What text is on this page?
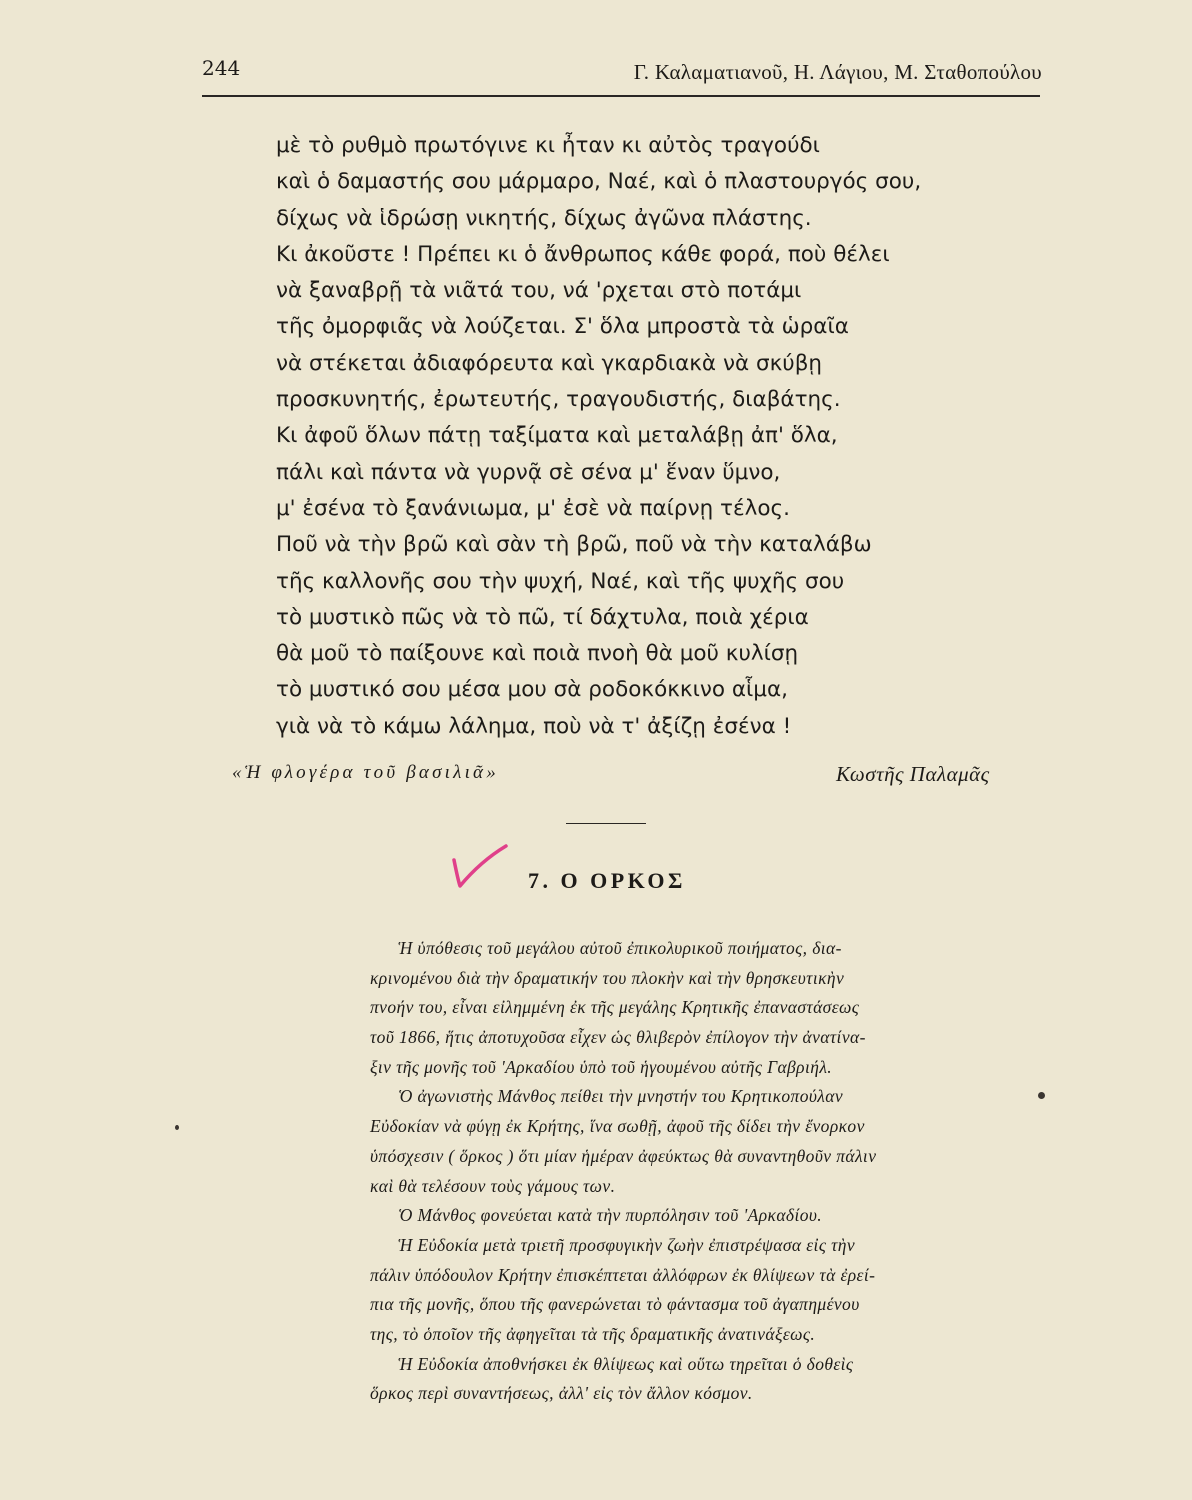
244	Γ. Καλαματιανοῦ, Η. Λάγιου, Μ. Σταθοπούλου
μὲ τὸ ρυθμὸ πρωτόγινε κι ἦταν κι αὐτὸς τραγούδι
καὶ ὁ δαμαστής σου μάρμαρο, Ναέ, καὶ ὁ πλαστουργός σου,
δίχως νὰ ἱδρώσῃ νικητής, δίχως ἀγῶνα πλάστης.
Κι ἀκοῦστε ! Πρέπει κι ὁ ἄνθρωπος κάθε φορά, ποὺ θέλει
νὰ ξαναβρῇ τὰ νιᾶτά του, νά 'ρχεται στὸ ποτάμι
τῆς ὀμορφιᾶς νὰ λούζεται. Σ' ὅλα μπροστὰ τὰ ὡραῖα
νὰ στέκεται ἀδιαφόρευτα καὶ γκαρδιακὰ νὰ σκύβῃ
προσκυνητής, ἐρωτευτής, τραγουδιστής, διαβάτης.
Κι ἀφοῦ ὅλων πάτῃ ταξίματα καὶ μεταλάβῃ ἀπ' ὅλα,
πάλι καὶ πάντα νὰ γυρνᾷ σὲ σένα μ' ἕναν ὕμνο,
μ' ἐσένα τὸ ξανάνιωμα, μ' ἐσὲ νὰ παίρνῃ τέλος.
Ποῦ νὰ τὴν βρῶ καὶ σὰν τὴ βρῶ, ποῦ νὰ τὴν καταλάβω
τῆς καλλονῆς σου τὴν ψυχή, Ναέ, καὶ τῆς ψυχῆς σου
τὸ μυστικὸ πῶς νὰ τὸ πῶ, τί δάχτυλα, ποιὰ χέρια
θὰ μοῦ τὸ παίξουνε καὶ ποιὰ πνοὴ θὰ μοῦ κυλίσῃ
τὸ μυστικό σου μέσα μου σὰ ροδοκόκκινο αἷμα,
γιὰ νὰ τὸ κάμω λάλημα, ποὺ νὰ τ' ἀξίζῃ ἐσένα !
«Ἡ φλογέρα τοῦ βασιλιᾶ»	Κωστῆς Παλαμᾶς
7. Ο ΟΡΚΟΣ
Ἡ ὑπόθεσις τοῦ μεγάλου αὐτοῦ ἐπικολυρικοῦ ποιήματος, δια-
κρινομένου διὰ τὴν δραματικήν του πλοκὴν καὶ τὴν θρησκευτικὴν
πνοήν του, εἶναι εἰλημμένη ἐκ τῆς μεγάλης Κρητικῆς ἐπαναστάσεως
τοῦ 1866, ἥτις ἀποτυχοῦσα εἶχεν ὡς θλιβερὸν ἐπίλογον τὴν ἀνατίνα-
ξιν τῆς μονῆς τοῦ 'Αρκαδίου ὑπὸ τοῦ ἡγουμένου αὐτῆς Γαβριήλ.
Ὁ ἀγωνιστὴς Μάνθος πείθει τὴν μνηστήν του Κρητικοπούλαν
Εὐδοκίαν νὰ φύγῃ ἐκ Κρήτης, ἵνα σωθῇ, ἀφοῦ τῆς δίδει τὴν ἔνορκον
ὑπόσχεσιν ( ὅρκος ) ὅτι μίαν ἡμέραν ἀφεύκτως θὰ συναντηθοῦν πάλιν
καὶ θὰ τελέσουν τοὺς γάμους των.
Ὁ Μάνθος φονεύεται κατὰ τὴν πυρπόλησιν τοῦ 'Αρκαδίου.
Ἡ Εὐδοκία μετὰ τριετῆ προσφυγικὴν ζωὴν ἐπιστρέψασα εἰς τὴν
πάλιν ὑπόδουλον Κρήτην ἐπισκέπτεται ἀλλόφρων ἐκ θλίψεων τὰ ἐρεί-
πια τῆς μονῆς, ὅπου τῆς φανερώνεται τὸ φάντασμα τοῦ ἀγαπημένου
της, τὸ ὁποῖον τῆς ἀφηγεῖται τὰ τῆς δραματικῆς ἀνατινάξεως.
Ἡ Εὐδοκία ἀποθνήσκει ἐκ θλίψεως καὶ οὕτω τηρεῖται ὁ δοθεὶς
ὅρκος περὶ συναντήσεως, ἀλλ' εἰς τὸν ἄλλον κόσμον.
